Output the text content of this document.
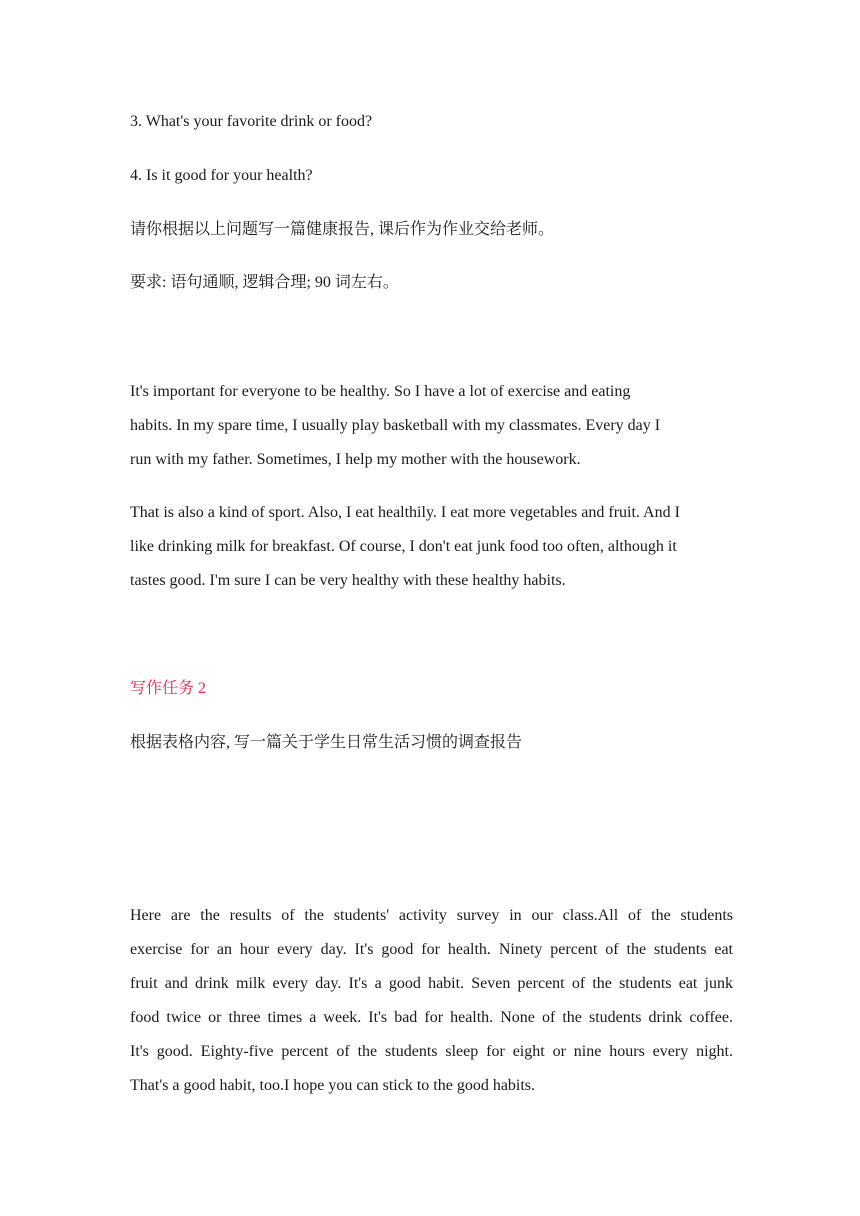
3. What's your favorite drink or food?
4. Is it good for your health?
请你根据以上问题写一篇健康报告, 课后作为作业交给老师。
要求: 语句通顺, 逻辑合理; 90 词左右。
It's important for everyone to be healthy. So I have a lot of exercise and eating
habits. In my spare time, I usually play basketball with my classmates. Every day I
run with my father. Sometimes, I help my mother with the housework.
That is also a kind of sport. Also, I eat healthily. I eat more vegetables and fruit. And I
like drinking milk for breakfast. Of course, I don't eat junk food too often, although it
tastes good. I'm sure I can be very healthy with these healthy habits.
写作任务 2
根据表格内容, 写一篇关于学生日常生活习惯的调查报告
Here are the results of the students' activity survey in our class.All of the students
exercise for an hour every day. It's good for health. Ninety percent of the students eat
fruit and drink milk every day. It's a good habit. Seven percent of the students eat junk
food twice or three times a week. It's bad for health. None of the students drink coffee.
It's good. Eighty-five percent of the students sleep for eight or nine hours every night.
That's a good habit, too.I hope you can stick to the good habits.
